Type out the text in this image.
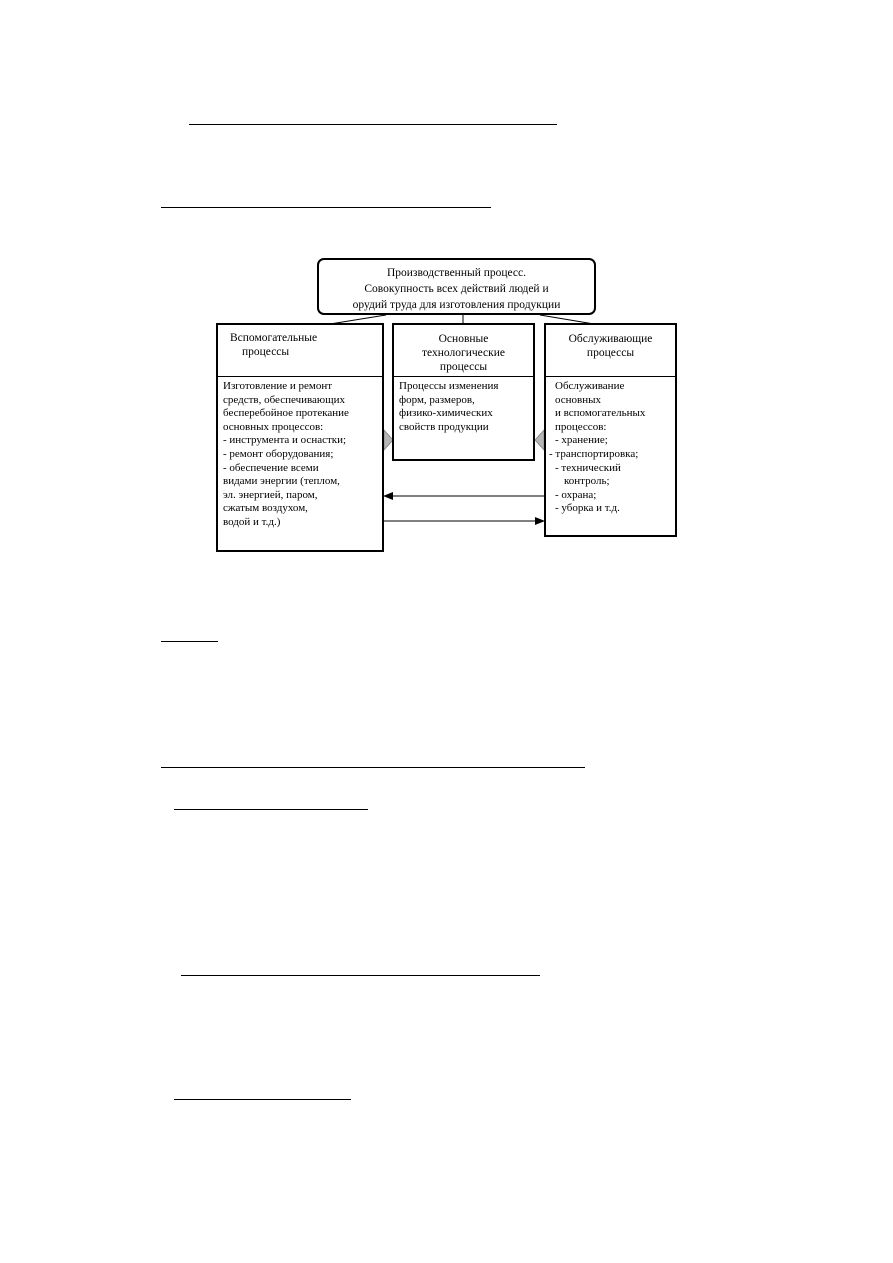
Производственный процесс.
Совокупность всех действий людей и
орудий труда для изготовления продукции
Вспомогательные
процессы
Изготовление и ремонт
средств, обеспечивающих
бесперебойное протекание
основных процессов:
- инструмента и оснастки;
- ремонт оборудования;
- обеспечение всеми
видами энергии (теплом,
эл. энергией, паром,
сжатым воздухом,
водой и т.д.)
Основные
технологические
процессы
Процессы изменения
форм, размеров,
физико-химических
свойств продукции
Обслуживающие
процессы
Обслуживание
основных
и вспомогательных
процессов:
- хранение;
- транспортировка;
- технический
контроль;
- охрана;
- уборка и т.д.
